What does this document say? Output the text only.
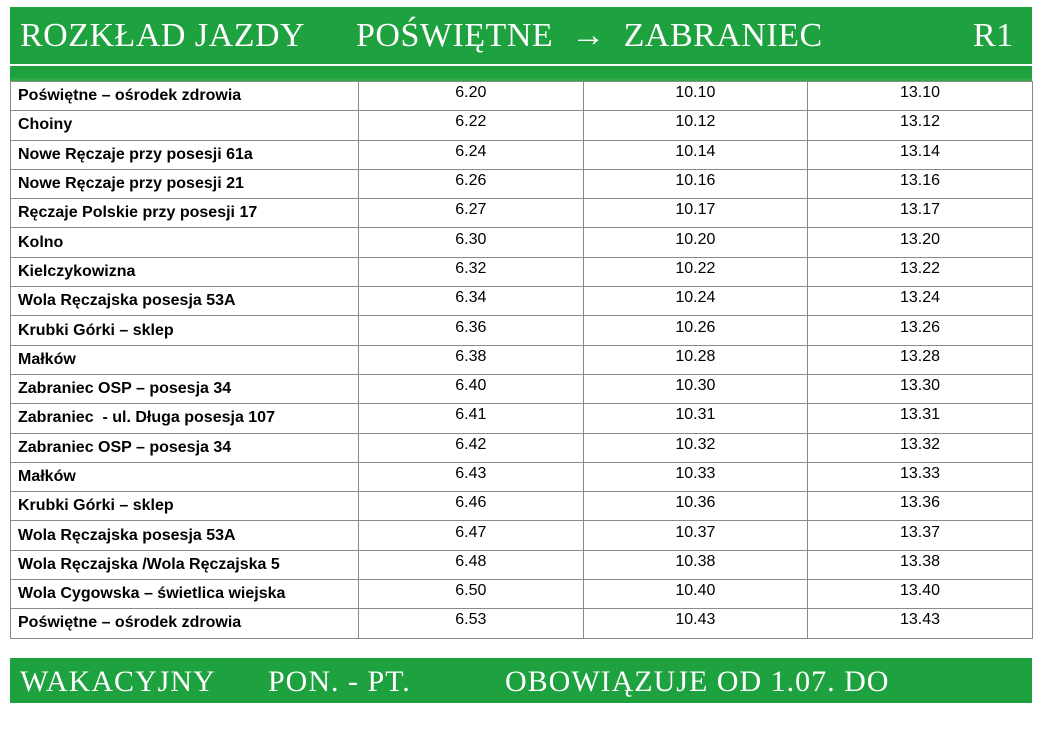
ROZKŁAD JAZDY POŚWIĘTNE  →  ZABRANIEC	R1
Poświętne – ośrodek zdrowia	6.20	10.10	13.10
Choiny	6.22	10.12	13.12
Nowe Ręczaje przy posesji 61a	6.24	10.14	13.14
Nowe Ręczaje przy posesji 21	6.26	10.16	13.16
Ręczaje Polskie przy posesji 17	6.27	10.17	13.17
Kolno	6.30	10.20	13.20
Kielczykowizna	6.32	10.22	13.22
Wola Ręczajska posesja 53A	6.34	10.24	13.24
Krubki Górki – sklep	6.36	10.26	13.26
Małków	6.38	10.28	13.28
Zabraniec OSP – posesja 34	6.40	10.30	13.30
Zabraniec  - ul. Długa posesja 107	6.41	10.31	13.31
Zabraniec OSP – posesja 34	6.42	10.32	13.32
Małków	6.43	10.33	13.33
Krubki Górki – sklep	6.46	10.36	13.36
Wola Ręczajska posesja 53A	6.47	10.37	13.37
Wola Ręczajska /Wola Ręczajska 5	6.48	10.38	13.38
Wola Cygowska – świetlica wiejska	6.50	10.40	13.40
Poświętne – ośrodek zdrowia	6.53	10.43	13.43
WAKACYJNY PON. - PT.	OBOWIĄZUJE OD 1.07. DO 31.08.2020
